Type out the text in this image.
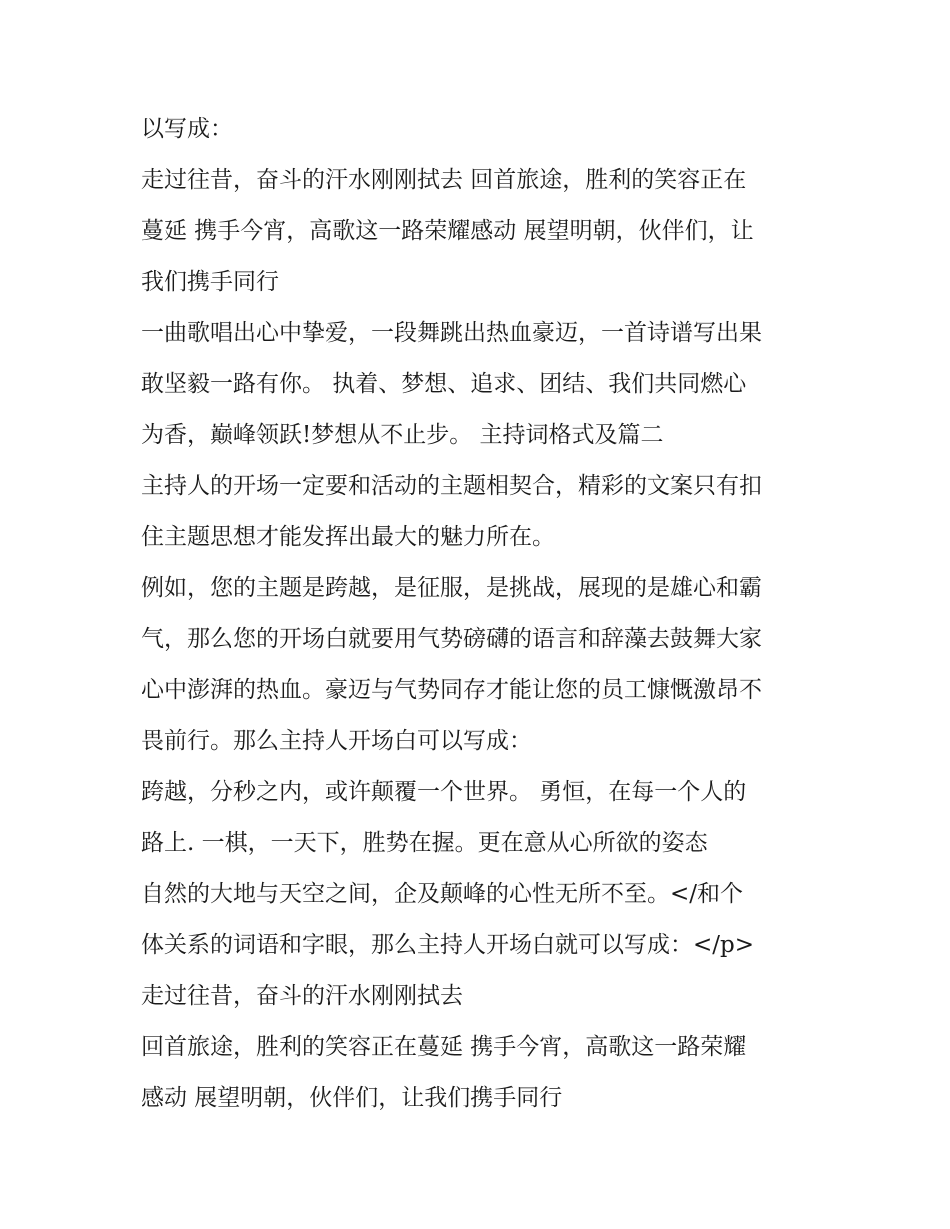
以写成：
走过往昔，奋斗的汗水刚刚拭去 回首旅途，胜利的笑容正在
蔓延 携手今宵，高歌这一路荣耀感动 展望明朝，伙伴们，让
我们携手同行
一曲歌唱出心中挚爱，一段舞跳出热血豪迈，一首诗谱写出果
敢坚毅一路有你。 执着、梦想、追求、团结、我们共同燃心
为香，巅峰领跃!梦想从不止步。 主持词格式及篇二
主持人的开场一定要和活动的主题相契合，精彩的文案只有扣
住主题思想才能发挥出最大的魅力所在。
例如，您的主题是跨越，是征服，是挑战，展现的是雄心和霸
气，那么您的开场白就要用气势磅礴的语言和辞藻去鼓舞大家
心中澎湃的热血。豪迈与气势同存才能让您的员工慷慨激昂不
畏前行。那么主持人开场白可以写成：
跨越，分秒之内，或许颠覆一个世界。 勇恒，在每一个人的
路上. 一棋，一天下，胜势在握。更在意从心所欲的姿态
自然的大地与天空之间，企及颠峰的心性无所不至。</和个
体关系的词语和字眼，那么主持人开场白就可以写成：</p>
走过往昔，奋斗的汗水刚刚拭去
回首旅途，胜利的笑容正在蔓延 携手今宵，高歌这一路荣耀
感动 展望明朝，伙伴们，让我们携手同行
